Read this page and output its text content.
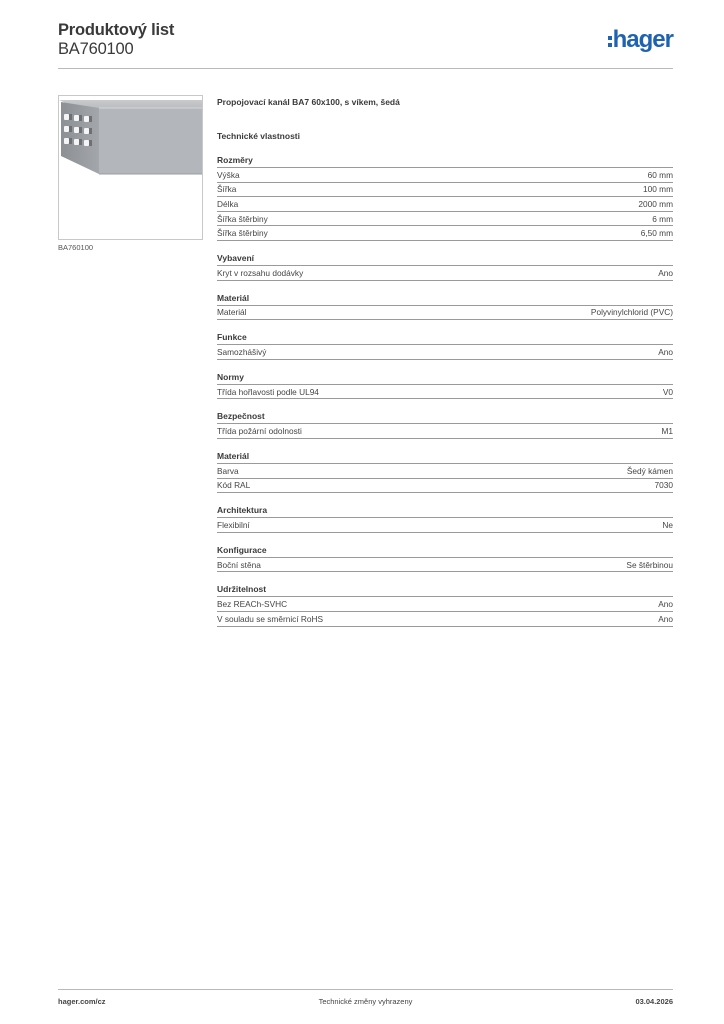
Produktový list
BA760100	hager
BA760100
Propojovací kanál BA7 60x100, s víkem, šedá
Technické vlastnosti
Rozměry
Výška	60 mm
Šířka	100 mm
Délka	2000 mm
Šířka štěrbiny	6 mm
Šířka štěrbiny	6,50 mm
Vybavení
Kryt v rozsahu dodávky	Ano
Materiál
Materiál	Polyvinylchlorid (PVC)
Funkce
Samozhášivý	Ano
Normy
Třída hořlavosti podle UL94	V0
Bezpečnost
Třída požární odolnosti	M1
Materiál
Barva	Šedý kámen
Kód RAL	7030
Architektura
Flexibilní	Ne
Konfigurace
Boční stěna	Se štěrbinou
Udržitelnost
Bez REACh-SVHC	Ano
V souladu se směrnicí RoHS	Ano
hager.com/cz	Technické změny vyhrazeny	03.04.2026
